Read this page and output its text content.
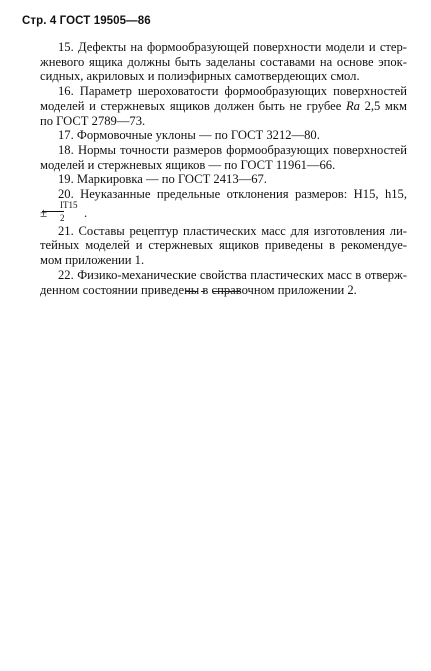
Стр. 4 ГОСТ 19505—86
15. Дефекты на формообразующей поверхности модели и стер-
жневого ящика должны быть заделаны составами на основе эпок-
сидных, акриловых и полиэфирных самотвердеющих смол.
16. Параметр шероховатости формообразующих поверхностей
моделей и стержневых ящиков должен быть не грубее Ra 2,5 мкм
по ГОСТ 2789—73.
17. Формовочные уклоны — по ГОСТ 3212—80.
18. Нормы точности размеров формообразующих поверхностей
моделей и стержневых ящиков — по ГОСТ 11961—66.
19. Маркировка — по ГОСТ 2413—67.
20. Неуказанные предельные отклонения размеров: H15, h15,
±
$\frac{IT15}{2}$	.
21. Составы рецептур пластических масс для изготовления ли-
тейных моделей и стержневых ящиков приведены в рекомендуе-
мом приложении 1.
22. Физико-механические свойства пластических масс в отверж-
денном состоянии приведены в справочном приложении 2.
